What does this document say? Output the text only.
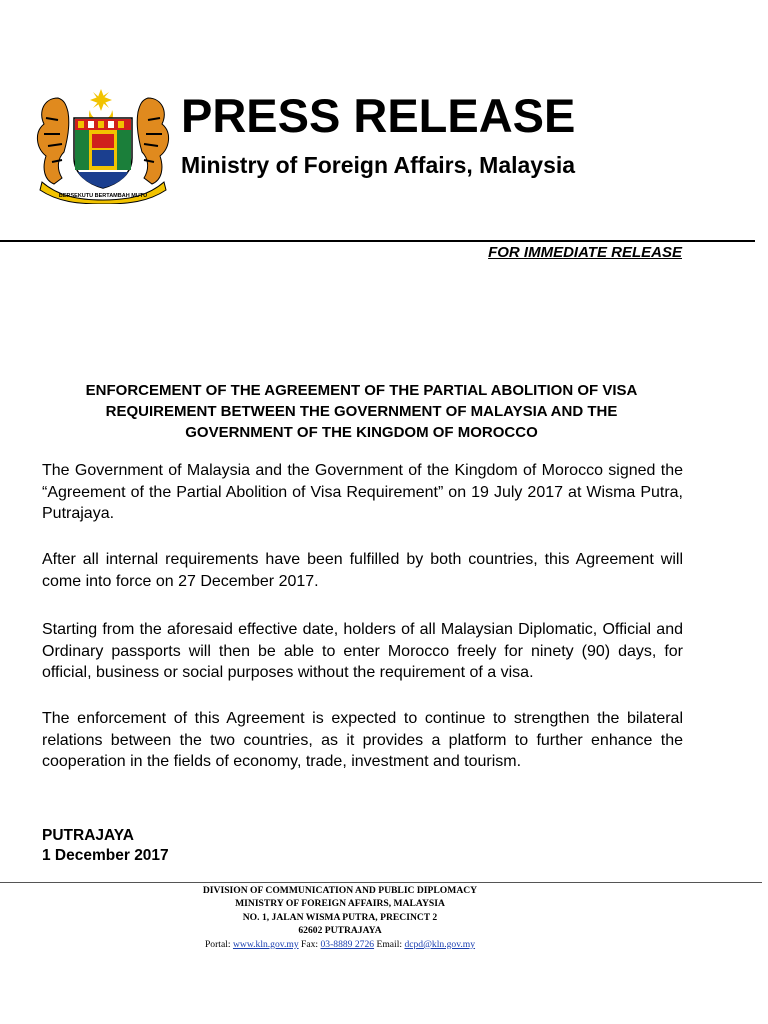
BERSEKUTU BERTAMBAH MUTU
PRESS RELEASE
Ministry of Foreign Affairs, Malaysia
FOR IMMEDIATE RELEASE
ENFORCEMENT OF THE AGREEMENT OF THE PARTIAL ABOLITION OF VISA
REQUIREMENT BETWEEN THE GOVERNMENT OF MALAYSIA AND THE
GOVERNMENT OF THE KINGDOM OF MOROCCO

The Government of Malaysia and the Government of the Kingdom of Morocco signed the “Agreement of the Partial Abolition of Visa Requirement” on 19 July 2017 at Wisma Putra, Putrajaya.

After all internal requirements have been fulfilled by both countries, this Agreement will come into force on 27 December 2017.

Starting from the aforesaid effective date, holders of all Malaysian Diplomatic, Official and Ordinary passports will then be able to enter Morocco freely for ninety (90) days, for official, business or social purposes without the requirement of a visa.

The enforcement of this Agreement is expected to continue to strengthen the bilateral relations between the two countries, as it provides a platform to further enhance the cooperation in the fields of economy, trade, investment and tourism.

PUTRAJAYA
1 December 2017
DIVISION OF COMMUNICATION AND PUBLIC DIPLOMACY
MINISTRY OF FOREIGN AFFAIRS, MALAYSIA
NO. 1, JALAN WISMA PUTRA, PRECINCT 2
62602 PUTRAJAYA
Portal: www.kln.gov.my Fax: 03-8889 2726 Email: dcpd@kln.gov.my
